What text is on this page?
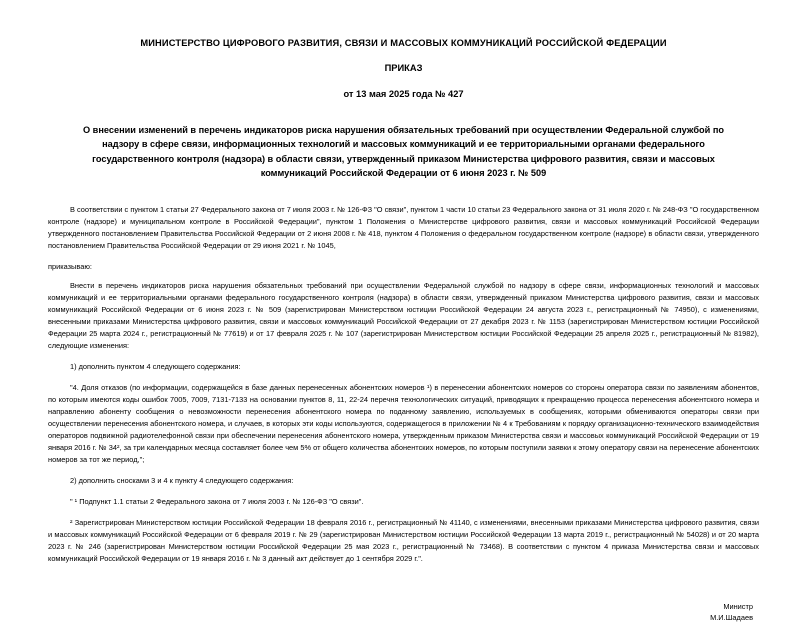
МИНИСТЕРСТВО ЦИФРОВОГО РАЗВИТИЯ, СВЯЗИ И МАССОВЫХ КОММУНИКАЦИЙ РОССИЙСКОЙ ФЕДЕРАЦИИ
ПРИКАЗ
от 13 мая 2025 года № 427
О внесении изменений в перечень индикаторов риска нарушения обязательных требований при осуществлении Федеральной службой по надзору в сфере связи, информационных технологий и массовых коммуникаций и ее территориальными органами федерального государственного контроля (надзора) в области связи, утвержденный приказом Министерства цифрового развития, связи и массовых коммуникаций Российской Федерации от 6 июня 2023 г. № 509

В соответствии с пунктом 1 статьи 27 Федерального закона от 7 июля 2003 г. № 126-ФЗ "О связи", пунктом 1 части 10 статьи 23 Федерального закона от 31 июля 2020 г. № 248-ФЗ "О государственном контроле (надзоре) и муниципальном контроле в Российской Федерации", пунктом 1 Положения о Министерстве цифрового развития, связи и массовых коммуникаций Российской Федерации утвержденного постановлением Правительства Российской Федерации от 2 июня 2008 г. № 418, пунктом 4 Положения о федеральном государственном контроле (надзоре) в области связи, утвержденного постановлением Правительства Российской Федерации от 29 июня 2021 г. № 1045,

приказываю:

Внести в перечень индикаторов риска нарушения обязательных требований при осуществлении Федеральной службой по надзору в сфере связи, информационных технологий и массовых коммуникаций и ее территориальными органами федерального государственного контроля (надзора) в области связи, утвержденный приказом Министерства цифрового развития, связи и массовых коммуникаций Российской Федерации от 6 июня 2023 г. № 509 (зарегистрирован Министерством юстиции Российской Федерации 24 августа 2023 г., регистрационный № 74950), с изменениями, внесенными приказами Министерства цифрового развития, связи и массовых коммуникаций Российской Федерации от 27 декабря 2023 г. № 1153 (зарегистрирован Министерством юстиции Российской Федерации 25 марта 2024 г., регистрационный № 77619) и от 17 февраля 2025 г. № 107 (зарегистрирован Министерством юстиции Российской Федерации 25 апреля 2025 г., регистрационный № 81982), следующие изменения:

1) дополнить пунктом 4 следующего содержания:

"4. Доля отказов (по информации, содержащейся в базе данных перенесенных абонентских номеров ¹) в перенесении абонентских номеров со стороны оператора связи по заявлениям абонентов, по которым имеются коды ошибок 7005, 7009, 7131-7133 на основании пунктов 8, 11, 22-24 перечня технологических ситуаций, приводящих к прекращению процесса перенесения абонентского номера и направлению абоненту сообщения о невозможности перенесения абонентского номера по поданному заявлению, используемых в сообщениях, которыми обмениваются операторы связи при осуществлении перенесения абонентского номера, и случаев, в которых эти коды используются, содержащегося в приложении № 4 к Требованиям к порядку организационно-технического взаимодействия операторов подвижной радиотелефонной связи при обеспечении перенесения абонентского номера, утвержденным приказом Министерства связи и массовых коммуникаций Российской Федерации от 19 января 2016 г. № 34², за три календарных месяца составляет более чем 5% от общего количества абонентских номеров, по которым поступили заявки к этому оператору связи на перенесение абонентских номеров за тот же период,";

2) дополнить сносками 3 и 4 к пункту 4 следующего содержания:

" ¹ Подпункт 1.1 статьи 2 Федерального закона от 7 июля 2003 г. № 126-ФЗ "О связи".

² Зарегистрирован Министерством юстиции Российской Федерации 18 февраля 2016 г., регистрационный № 41140, с изменениями, внесенными приказами Министерства цифрового развития, связи и массовых коммуникаций Российской Федерации от 6 февраля 2019 г. № 29 (зарегистрирован Министерством юстиции Российской Федерации 13 марта 2019 г., регистрационный № 54028) и от 20 марта 2023 г. № 246 (зарегистрирован Министерством юстиции Российской Федерации 25 мая 2023 г., регистрационный № 73468). В соответствии с пунктом 4 приказа Министерства связи и массовых коммуникаций Российской Федерации от 19 января 2016 г. № 3 данный акт действует до 1 сентября 2029 г.".

Министр
М.И.Шадаев
